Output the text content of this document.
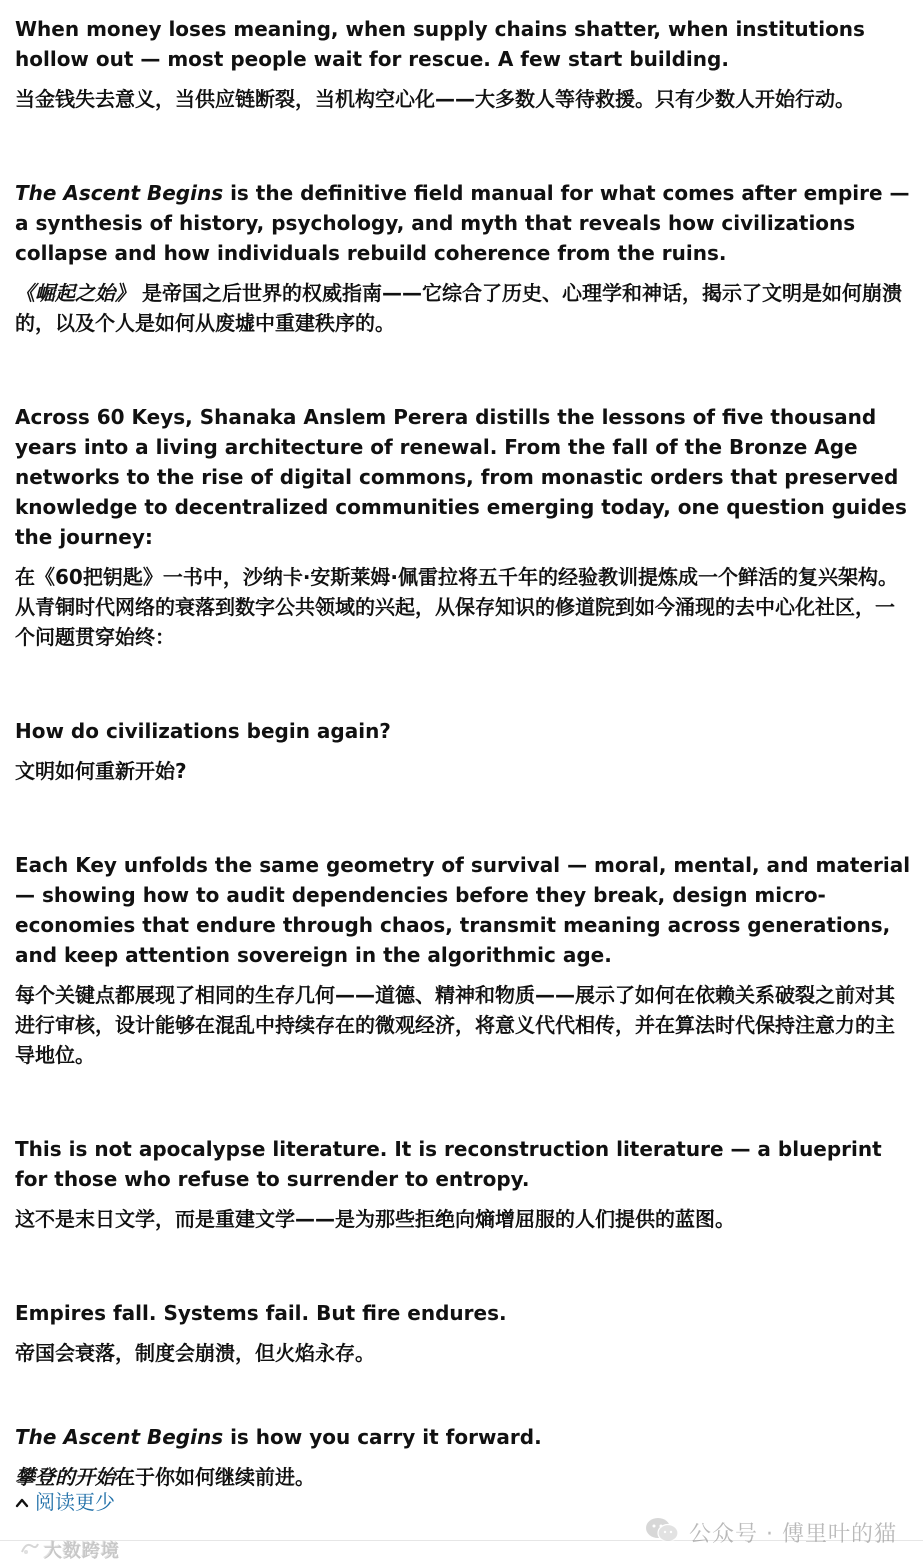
When money loses meaning, when supply chains shatter, when institutions hollow out — most people wait for rescue. A few start building.

当金钱失去意义，当供应链断裂，当机构空心化——大多数人等待救援。只有少数人开始行动。

The Ascent Begins is the definitive field manual for what comes after empire — a synthesis of history, psychology, and myth that reveals how civilizations collapse and how individuals rebuild coherence from the ruins.

《崛起之始》 是帝国之后世界的权威指南——它综合了历史、心理学和神话，揭示了文明是如何崩溃的，以及个人是如何从废墟中重建秩序的。

Across 60 Keys, Shanaka Anslem Perera distills the lessons of five thousand years into a living architecture of renewal. From the fall of the Bronze Age networks to the rise of digital commons, from monastic orders that preserved knowledge to decentralized communities emerging today, one question guides the journey:

在《60把钥匙》一书中，沙纳卡·安斯莱姆·佩雷拉将五千年的经验教训提炼成一个鲜活的复兴架构。从青铜时代网络的衰落到数字公共领域的兴起，从保存知识的修道院到如今涌现的去中心化社区，一个问题贯穿始终：

How do civilizations begin again?

文明如何重新开始?

Each Key unfolds the same geometry of survival — moral, mental, and material — showing how to audit dependencies before they break, design micro-economies that endure through chaos, transmit meaning across generations, and keep attention sovereign in the algorithmic age.

每个关键点都展现了相同的生存几何——道德、精神和物质——展示了如何在依赖关系破裂之前对其进行审核，设计能够在混乱中持续存在的微观经济，将意义代代相传，并在算法时代保持注意力的主导地位。

This is not apocalypse literature. It is reconstruction literature — a blueprint for those who refuse to surrender to entropy.

这不是末日文学，而是重建文学——是为那些拒绝向熵增屈服的人们提供的蓝图。

Empires fall. Systems fail. But fire endures.

帝国会衰落，制度会崩溃，但火焰永存。

The Ascent Begins is how you carry it forward.

攀登的开始在于你如何继续前进。

阅读更少
大数跨境
公众号 · 傅里叶的猫
